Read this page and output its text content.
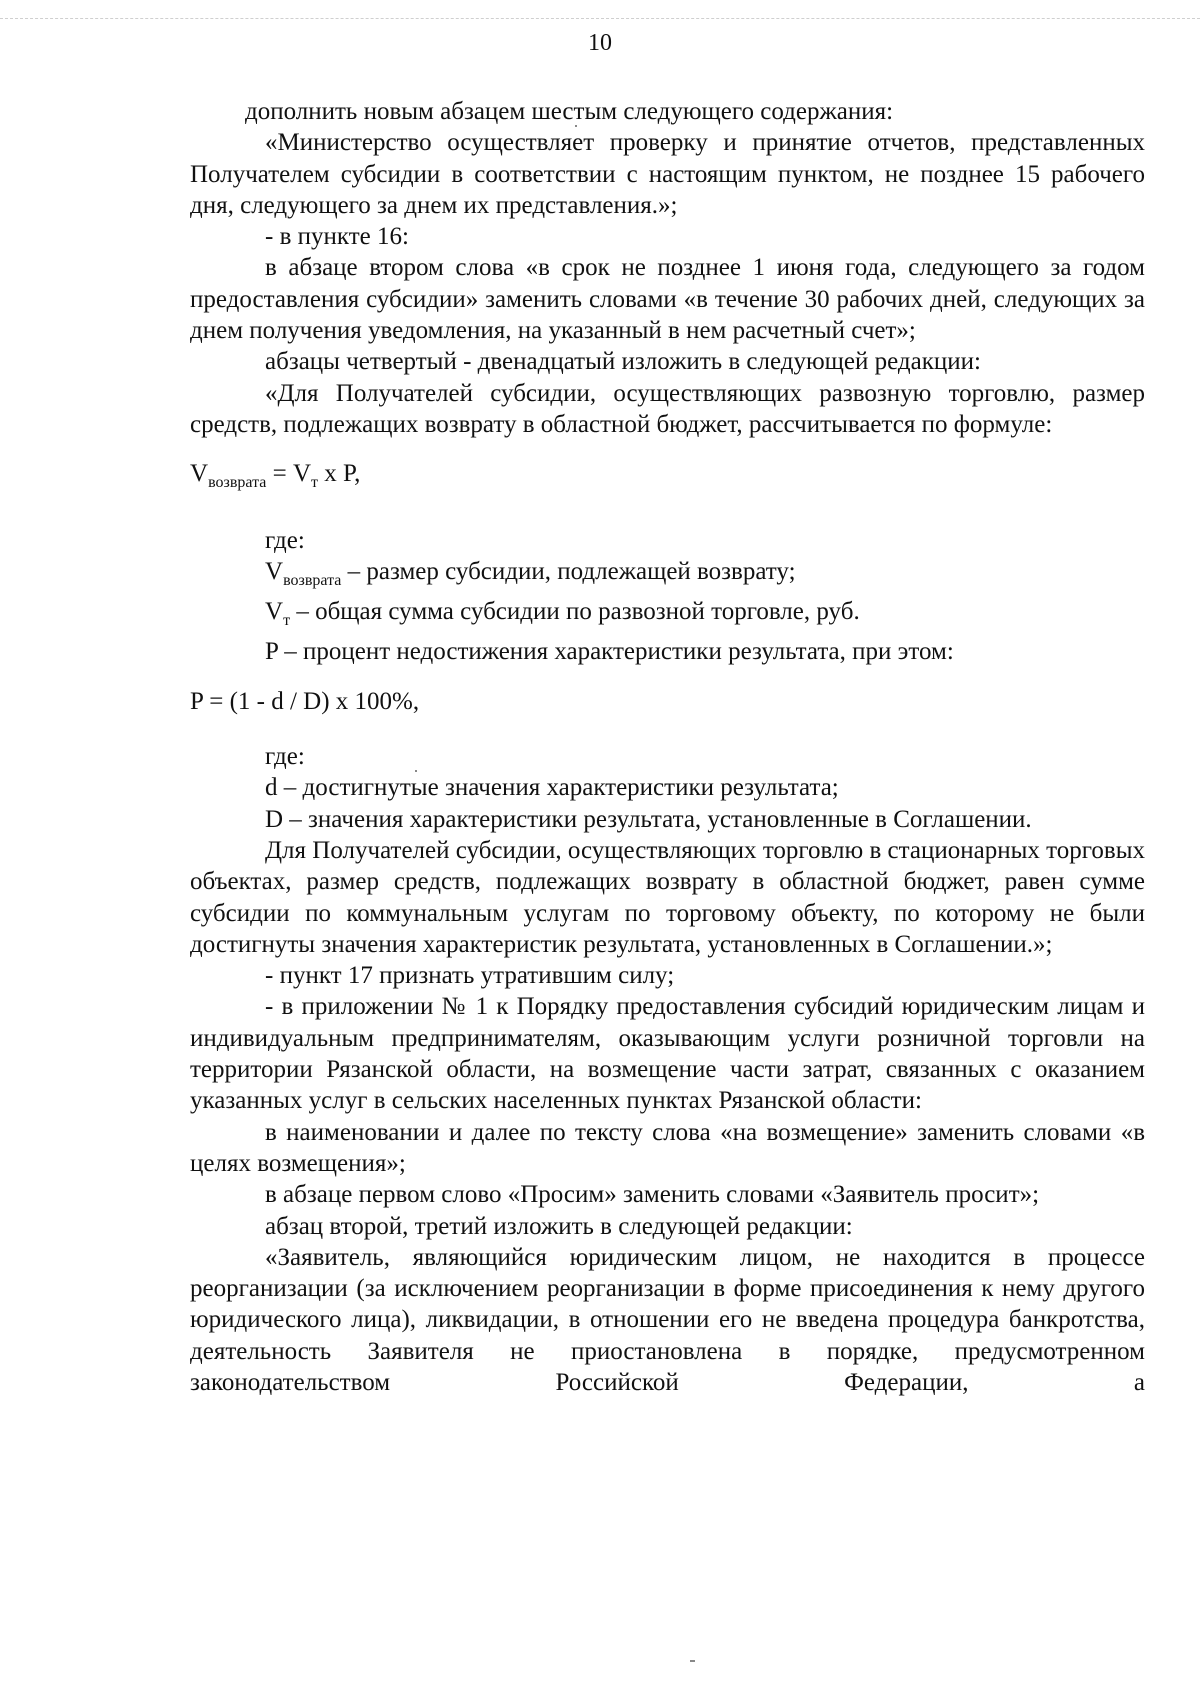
10

дополнить новым абзацем шестым следующего содержания:

«Министерство осуществляет проверку и принятие отчетов, представленных Получателем субсидии в соответствии с настоящим пунктом, не позднее 15 рабочего дня, следующего за днем их представления.»;

- в пункте 16:

в абзаце втором слова «в срок не позднее 1 июня года, следующего за годом предоставления субсидии» заменить словами «в течение 30 рабочих дней, следующих за днем получения уведомления, на указанный в нем расчетный счет»;

абзацы четвертый - двенадцатый изложить в следующей редакции:

«Для Получателей субсидии, осуществляющих развозную торговлю, размер средств, подлежащих возврату в областной бюджет, рассчитывается по формуле:

$V_{возврата} = V_т$ х P,

где:

$V_{возврата}$ – размер субсидии, подлежащей возврату;

$V_т$ – общая сумма субсидии по развозной торговле, руб.

P – процент недостижения характеристики результата, при этом:

P = (1 - d / D) х 100%,

где:

d – достигнутые значения характеристики результата;

D – значения характеристики результата, установленные в Соглашении.

Для Получателей субсидии, осуществляющих торговлю в стационарных торговых объектах, размер средств, подлежащих возврату в областной бюджет, равен сумме субсидии по коммунальным услугам по торговому объекту, по которому не были достигнуты значения характеристик результата, установленных в Соглашении.»;

- пункт 17 признать утратившим силу;

- в приложении № 1 к Порядку предоставления субсидий юридическим лицам и индивидуальным предпринимателям, оказывающим услуги розничной торговли на территории Рязанской области, на возмещение части затрат, связанных с оказанием указанных услуг в сельских населенных пунктах Рязанской области:

в наименовании и далее по тексту слова «на возмещение» заменить словами «в целях возмещения»;

в абзаце первом слово «Просим» заменить словами «Заявитель просит»;

абзац второй, третий изложить в следующей редакции:

«Заявитель, являющийся юридическим лицом, не находится в процессе реорганизации (за исключением реорганизации в форме присоединения к нему другого юридического лица), ликвидации, в отношении его не введена процедура банкротства, деятельность Заявителя не приостановлена в порядке, предусмотренном законодательством Российской Федерации, а
